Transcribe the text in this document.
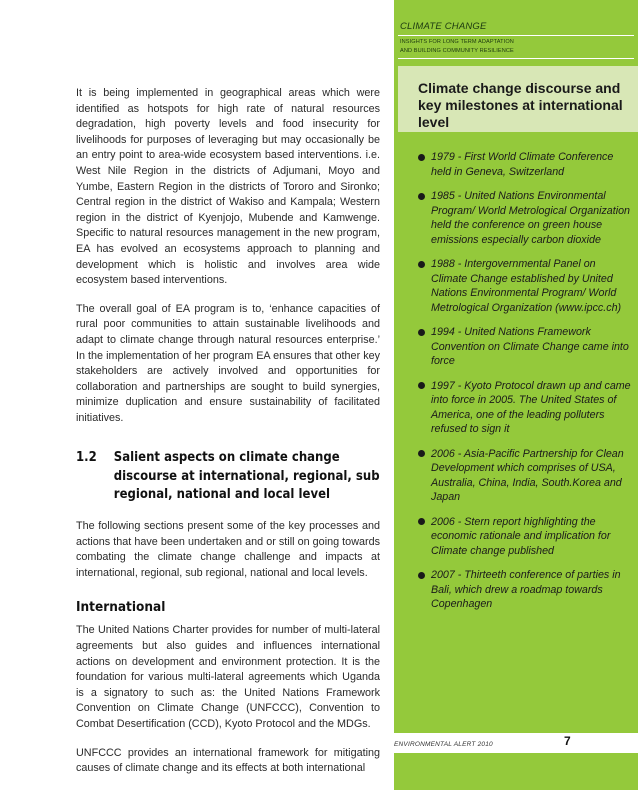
It is being implemented in geographical areas which were identified as hotspots for high rate of natural resources degradation, high poverty levels and food insecurity for livelihoods for purposes of leveraging but may occasionally be an entry point to area-wide ecosystem based interventions. i.e. West Nile Region in the districts of Adjumani, Moyo and Yumbe, Eastern Region in the districts of Tororo and Sironko; Central region in the district of Wakiso and Kampala; Western region in the district of Kyenjojo, Mubende and Kamwenge. Specific to natural resources management in the new program, EA has evolved an ecosystems approach to planning and development which is holistic and involves area wide ecosystem based interventions.

The overall goal of EA program is to, ‘enhance capacities of rural poor communities to attain sustainable livelihoods and adapt to climate change through natural resources enterprise.’ In the implementation of her program EA ensures that other key stakeholders are actively involved and opportunities for collaboration and partnerships are sought to build synergies, minimize duplication and ensure sustainability of facilitated initiatives.

1.2	Salient aspects on climate change discourse at international, regional, sub regional, national and local level

The following sections present some of the key processes and actions that have been undertaken and or still on going towards combating the climate change challenge and impacts at international, regional, sub regional, national and local levels.

International

The United Nations Charter provides for number of multi-lateral agreements but also guides and influences international actions on development and environment protection. It is the foundation for various multi-lateral agreements which Uganda is a signatory to such as: the United Nations Framework Convention on Climate Change (UNFCCC), Convention to Combat Desertification (CCD), Kyoto Protocol and the MDGs.

UNFCCC provides an international framework for mitigating causes of climate change and its effects at both international

CLIMATE CHANGE
INSIGHTS FOR LONG TERM ADAPTATION
AND BUILDING COMMUNITY RESILIENCE
Climate change discourse and key milestones at international level
1979 - First World Climate Conference held in Geneva, Switzerland
1985 - United Nations Environmental Program/ World Metrological Organization held the conference on green house emissions especially carbon dioxide
1988 - Intergovernmental Panel on Climate Change established by United Nations Environmental Program/ World Metrological Organization (www.ipcc.ch)
1994 - United Nations Framework Convention on Climate Change came into force
1997 - Kyoto Protocol drawn up and came into force in 2005. The United States of America, one of the leading polluters refused to sign it
2006 - Asia-Pacific Partnership for Clean Development which comprises of USA, Australia, China, India, South.Korea and Japan
2006 - Stern report highlighting the economic rationale and implication for Climate change published
2007 - Thirteeth conference of parties in Bali, which drew a roadmap towards Copenhagen
ENVIRONMENTAL ALERT 2010	7
